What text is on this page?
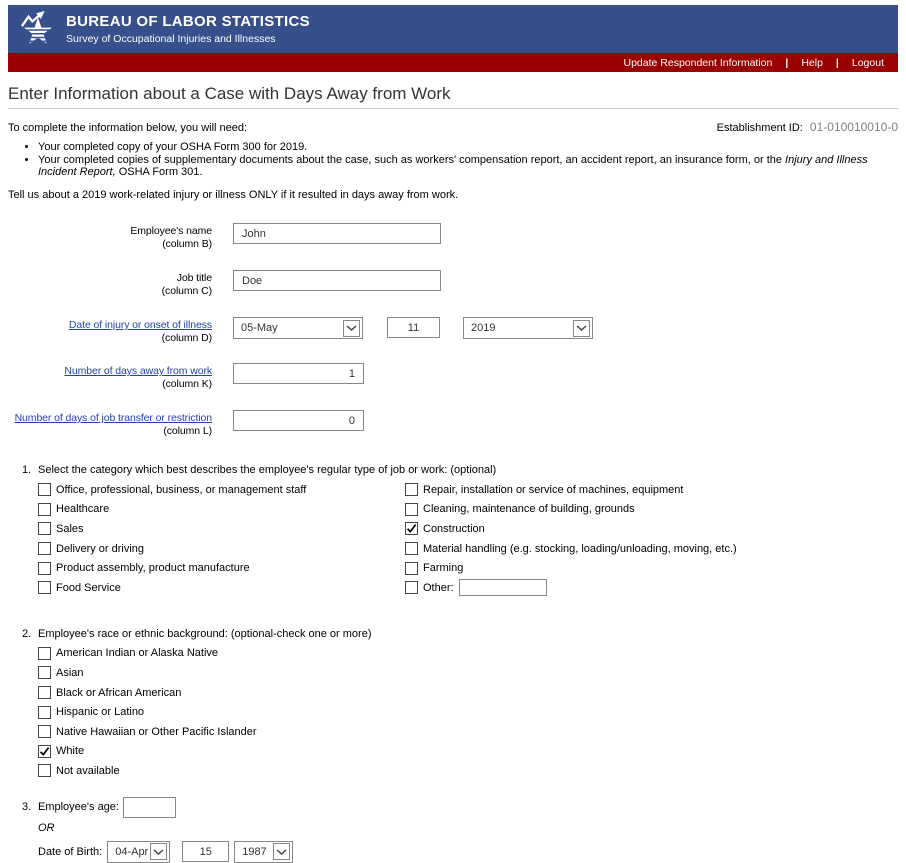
BUREAU OF LABOR STATISTICS
Survey of Occupational Injuries and Illnesses
Update Respondent Information | Help | Logout
Enter Information about a Case with Days Away from Work
To complete the information below, you will need:	Establishment ID: 01-010010010-0
• Your completed copy of your OSHA Form 300 for 2019.
• Your completed copies of supplementary documents about the case, such as workers' compensation report, an accident report, an insurance form, or the Injury and Illness Incident Report, OSHA Form 301.
Tell us about a 2019 work-related injury or illness ONLY if it resulted in days away from work.
Employee's name
(column B)
John
Job title
(column C)
Doe
Date of injury or onset of illness
(column D)
05-May
11	2019
Number of days away from work
(column K)
1
Number of days of job transfer or restriction
(column L)
0
1. Select the category which best describes the employee's regular type of job or work: (optional)
Office, professional, business, or management staff
Healthcare
Sales
Delivery or driving
Product assembly, product manufacture
Food Service
Repair, installation or service of machines, equipment
Cleaning, maintenance of building, grounds
Construction
Material handling (e.g. stocking, loading/unloading, moving, etc.)
Farming
Other:
2. Employee's race or ethnic background: (optional-check one or more)
American Indian or Alaska Native
Asian
Black or African American
Hispanic or Latino
Native Hawaiian or Other Pacific Islander
White
Not available
3. Employee's age:
OR
Date of Birth:	04-Apr
15	1987
